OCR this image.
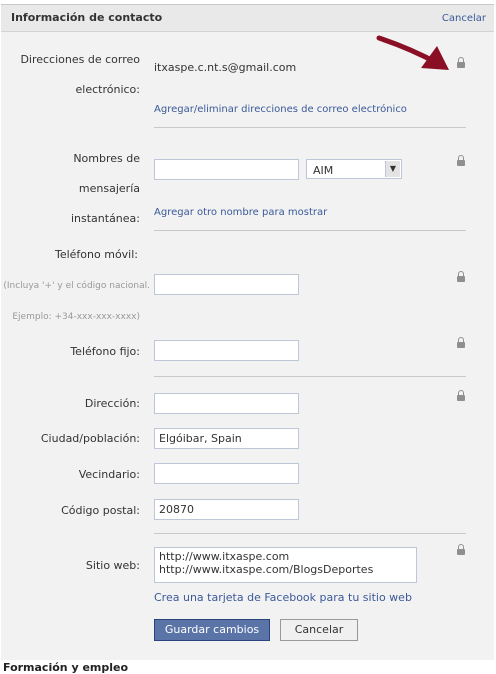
Información de contacto	Cancelar
Direcciones de correo electrónico:
itxaspe.c.nt.s@gmail.com
Agregar/eliminar direcciones de correo electrónico
Nombres de mensajería instantánea:
AIM	▼
Agregar otro nombre para mostrar
Teléfono móvil:
(Incluya '+' y el código nacional.
Ejemplo: +34-xxx-xxx-xxxx)
Teléfono fijo:
Dirección:
Ciudad/población:
Elgóibar, Spain
Vecindario:
Código postal:
20870
Sitio web:
http://www.itxaspe.com http://www.itxaspe.com/BlogsDeportes
Crea una tarjeta de Facebook para tu sitio web
Guardar cambios	Cancelar
Formación y empleo
